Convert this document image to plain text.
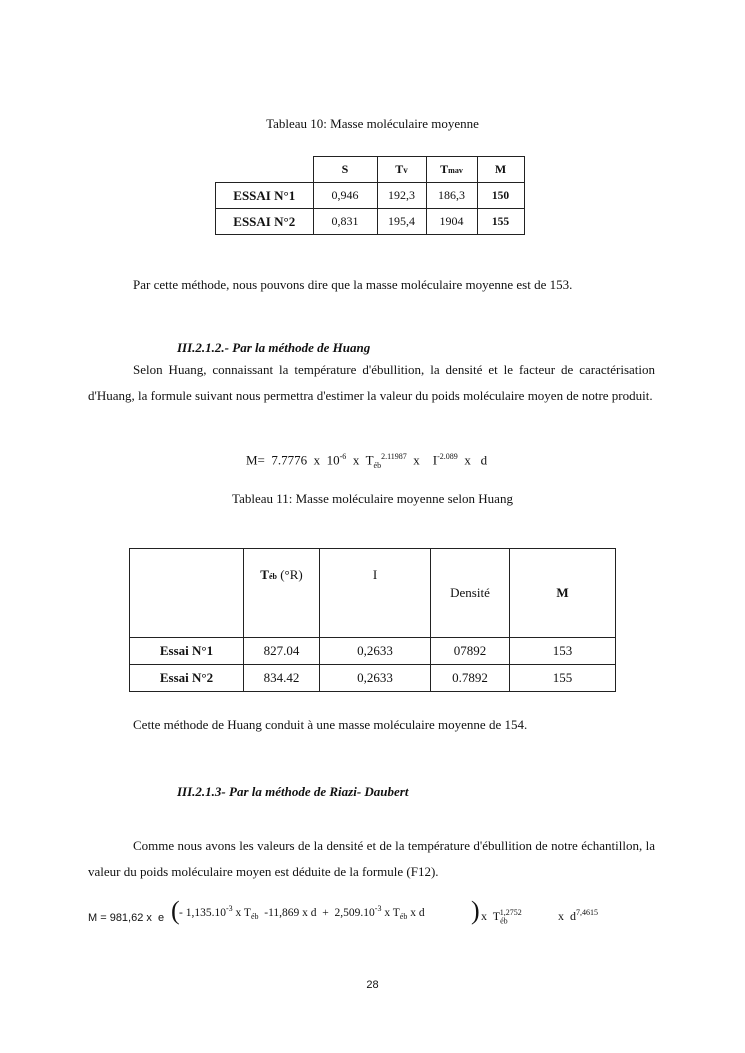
Tableau 10: Masse moléculaire moyenne
	S	Tv	Tmav	M
ESSAI N°1	0,946	192,3	186,3	150
ESSAI N°2	0,831	195,4	1904	155
Par cette méthode, nous pouvons dire que la masse moléculaire moyenne est de 153.
III.2.1.2.- Par la méthode de Huang
Selon Huang, connaissant la température d'ébullition, la densité et le facteur de caractérisation d'Huang, la formule suivant nous permettra d'estimer la valeur du poids moléculaire moyen de notre produit.
M=  7.7776  x  $10^{-6}$  x  $T_{éb}^{2.11987}$  x    $I^{-2.089}$  x   d
Tableau 11: Masse moléculaire moyenne selon Huang
	Téb (°R)	I	Densité	M
Essai N°1	827.04	0,2633	07892	153
Essai N°2	834.42	0,2633	0.7892	155
Cette méthode de Huang conduit à une masse moléculaire moyenne de 154.
III.2.1.3- Par la méthode de Riazi- Daubert
Comme nous avons les valeurs de la densité et de la température d'ébullition de notre échantillon, la valeur du poids moléculaire moyen est déduite de la formule (F12).

M = 981,62 x  e

(

- $1,135.10^{-3}$ x $T_{éb}$  -11,869 x $d + 2,509.10^{-3}$ x $T_{éb}$ x d

)

x  $T_{éb}^{1,2752}$

	x  $d^{7,4615}$

28
